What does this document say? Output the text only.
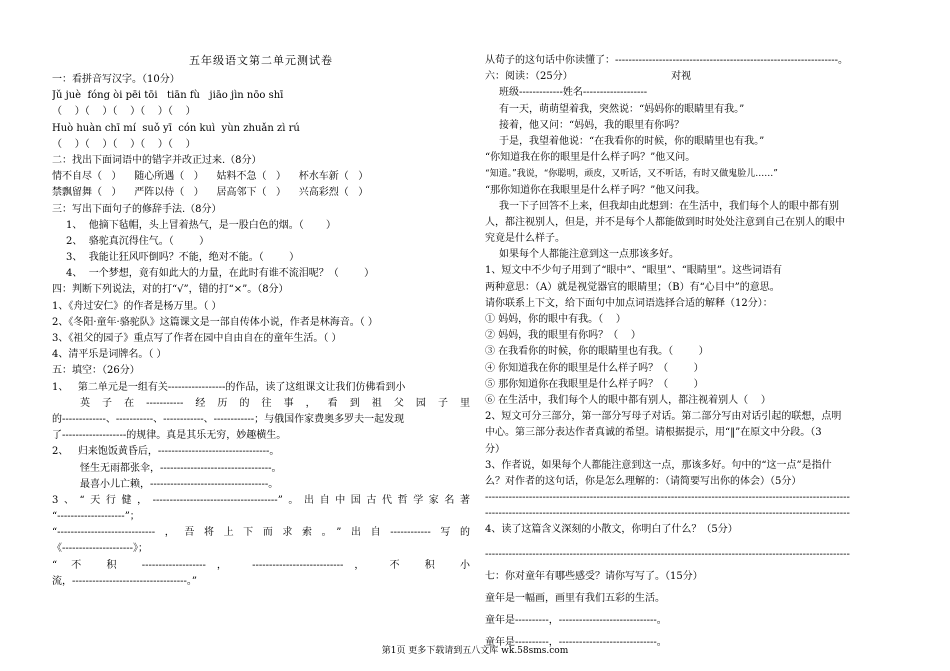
五年级语文第二单元测试卷
一：看拼音写汉字。（10分）
Jǔ juè  fóng òi pēi tōi   tiān fù   jiāo jìn nōo shī
（    ）（    ）（    ）（    ）（    ）
Huò huàn chī mí  suǒ yī  cón kuì  yùn zhuǎn zì rú
（    ）（    ）（    ）（    ）（    ）
二：找出下面词语中的错字并改正过来.（8分）
情不自尽（   ）    随心所遇（   ）    姑料不急（   ）    杯水车新（   ）
禁飘留舞（   ）    严阵以侍（   ）    居高邻下（   ）    兴高彩烈（   ）
三：写出下面句子的修辞手法.（8分）
1、  他摘下毡帽，头上冒着热气，是一股白色的烟。（       ）
2、  骆驼真沉得住气。（        ）
3、  我能让狂风吓倒吗？不能，绝对不能。（        ）
4、  一个梦想，竟有如此大的力量，在此时有谁不流泪呢？（        ）
四：判断下列说法，对的打“√”，错的打“×”。（8分）
1、《舟过安仁》的作者是杨万里。（ ）
2、《冬阳·童年·骆驼队》这篇课文是一部自传体小说，作者是林海音。（ ）
3、《祖父的园子》重点写了作者在园中自由自在的童年生活。（ ）
4、清平乐是词牌名。（ ）
五：填空：（26分）
1、   第二单元是一组有关-----------------的作品，读了这组课文让我们仿佛看到小
英子在-----------经历的往事，看到祖父园子里
的-------------、-----------、------------、------------；与俄国作家费奥多罗夫一起发现
了-------------------的规律。真是其乐无穷，妙趣横生。
2、   归来饱饭黄昏后，---------------------------------。
怪生无雨都张伞，---------------------------------。
最喜小儿亡赖，-----------------------------------。
3、“天行健，-------------------------------------”。出自中国古代哲学家名著
“--------------------”；
“-----------------------------，吾将上下而求索。”出自------------写的
《---------------------》；
“ 不 积 -------------------， ---------------------------， 不 积 小
流，----------------------------------。”
从荀子的这句话中你读懂了：------------------------------------------------------------------。
六：阅读：（25分）	对视
班级-------------姓名-------------------
有一天，萌萌望着我，突然说：“妈妈你的眼睛里有我。”
接着，他又问：“妈妈，我的眼里有你吗？
于是，我望着他说：“在我看你的时候，你的眼睛里也有我。”
“你知道我在你的眼里是什么样子吗？”他又问。
“知道。”我说，“你聪明，顽皮，又听话，又不听话，有时又做鬼脸儿……”
“那你知道你在我眼里是什么样子吗？”他又问我。
我一下子回答不上来，但我却由此想到：在生活中，我们每个人的眼中都有别
人，都注视别人，但是，并不是每个人都能做到时时处处注意到自己在别人的眼中
究竟是什么样子。
如果每个人都能注意到这一点那该多好。
1、短文中不少句子用到了“眼中”、“眼里”、“眼睛里”。这些词语有
两种意思：（A）就是视觉器官的眼睛里；（B）有“心目中”的意思。
请你联系上下文，给下面句中加点词语选择合适的解释（12分）：
① 妈妈，你的眼中有我。（    ）
② 妈妈，我的眼里有你吗？（    ）
③ 在我看你的时候，你的眼睛里也有我。（        ）
④ 你知道我在你的眼里是什么样子吗？（        ）
⑤ 那你知道你在我眼里是什么样子吗？（        ）
⑥ 在生活中，我们每个人的眼中都有别人，都注视着别人（    ）
2、短文可分三部分，第一部分写母子对话。第二部分写由对话引起的联想，点明
中心。第三部分表达作者真诚的希望。请根据提示，用“‖”在原文中分段。（3
分）
3、作者说，如果每个人都能注意到这一点，那该多好。句中的“这一点”是指什
么？对作者的这句话，你是怎么理解的：（请简要写出你的体会）（5分）
------------------------------------------------------------------------------------------------------------
------------------------------------------------------------------------------------------------------------
4、读了这篇含义深刻的小散文，你明白了什么？（5分）
------------------------------------------------------------------------------------------------------------
七：你对童年有哪些感受？请你写写了。（15分）
童年是一幅画，画里有我们五彩的生活。
童年是----------，-----------------------------。
童年是----------，-----------------------------。
第1页 更多下载请到五八文库 wk.58sms.com
